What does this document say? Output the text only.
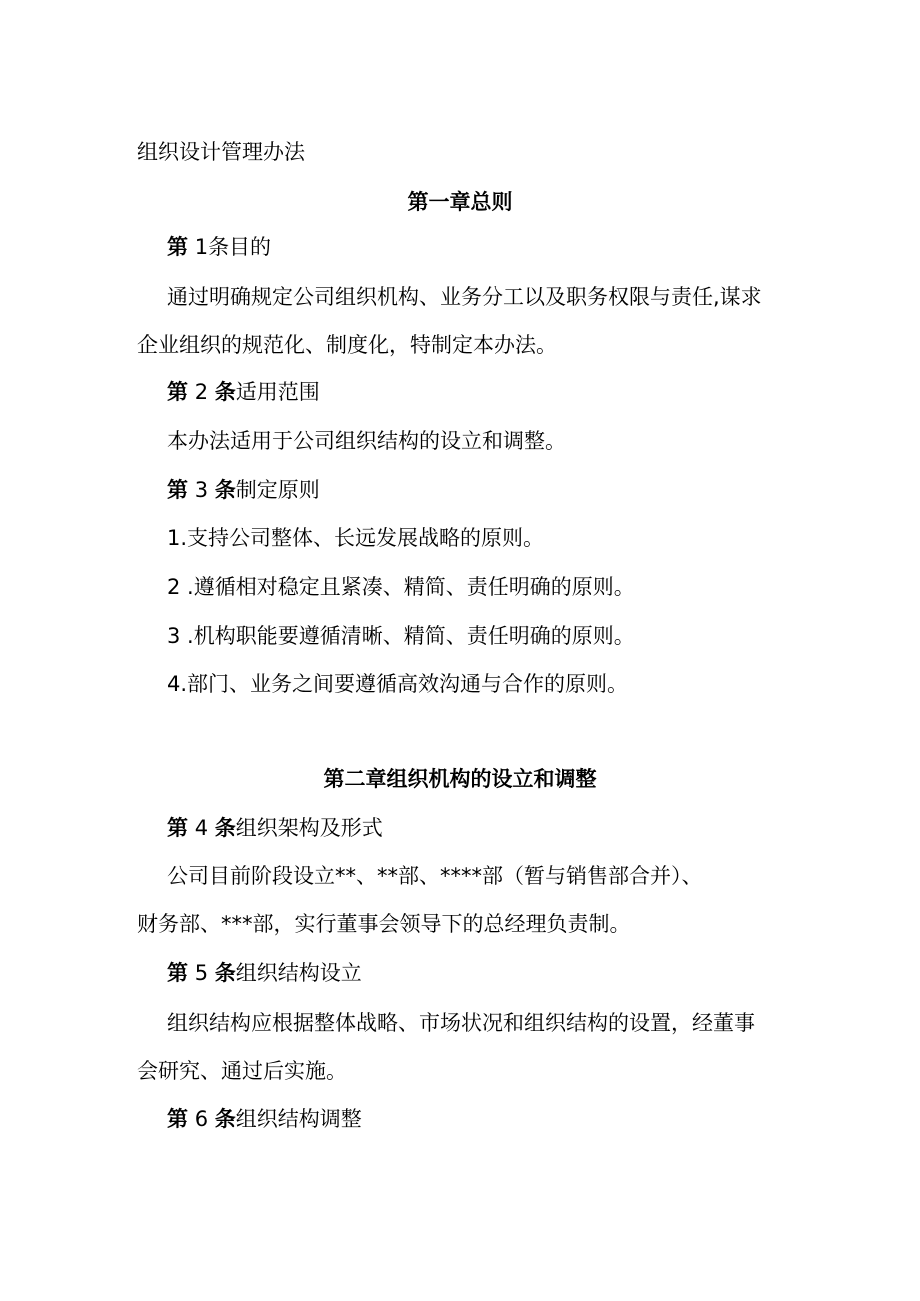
组织设计管理办法
第一章总则
第 1条目的
通过明确规定公司组织机构、业务分工以及职务权限与责任,谋求
企业组织的规范化、制度化，特制定本办法。
第 2 条适用范围
本办法适用于公司组织结构的设立和调整。
第 3 条制定原则
1.支持公司整体、长远发展战略的原则。
2 .遵循相对稳定且紧凑、精简、责任明确的原则。
3 .机构职能要遵循清晰、精简、责任明确的原则。
4.部门、业务之间要遵循高效沟通与合作的原则。
第二章组织机构的设立和调整
第 4 条组织架构及形式
公司目前阶段设立**、**部、****部（暂与销售部合并）、
财务部、***部，实行董事会领导下的总经理负责制。
第 5 条组织结构设立
组织结构应根据整体战略、市场状况和组织结构的设置，经董事
会研究、通过后实施。
第 6 条组织结构调整
